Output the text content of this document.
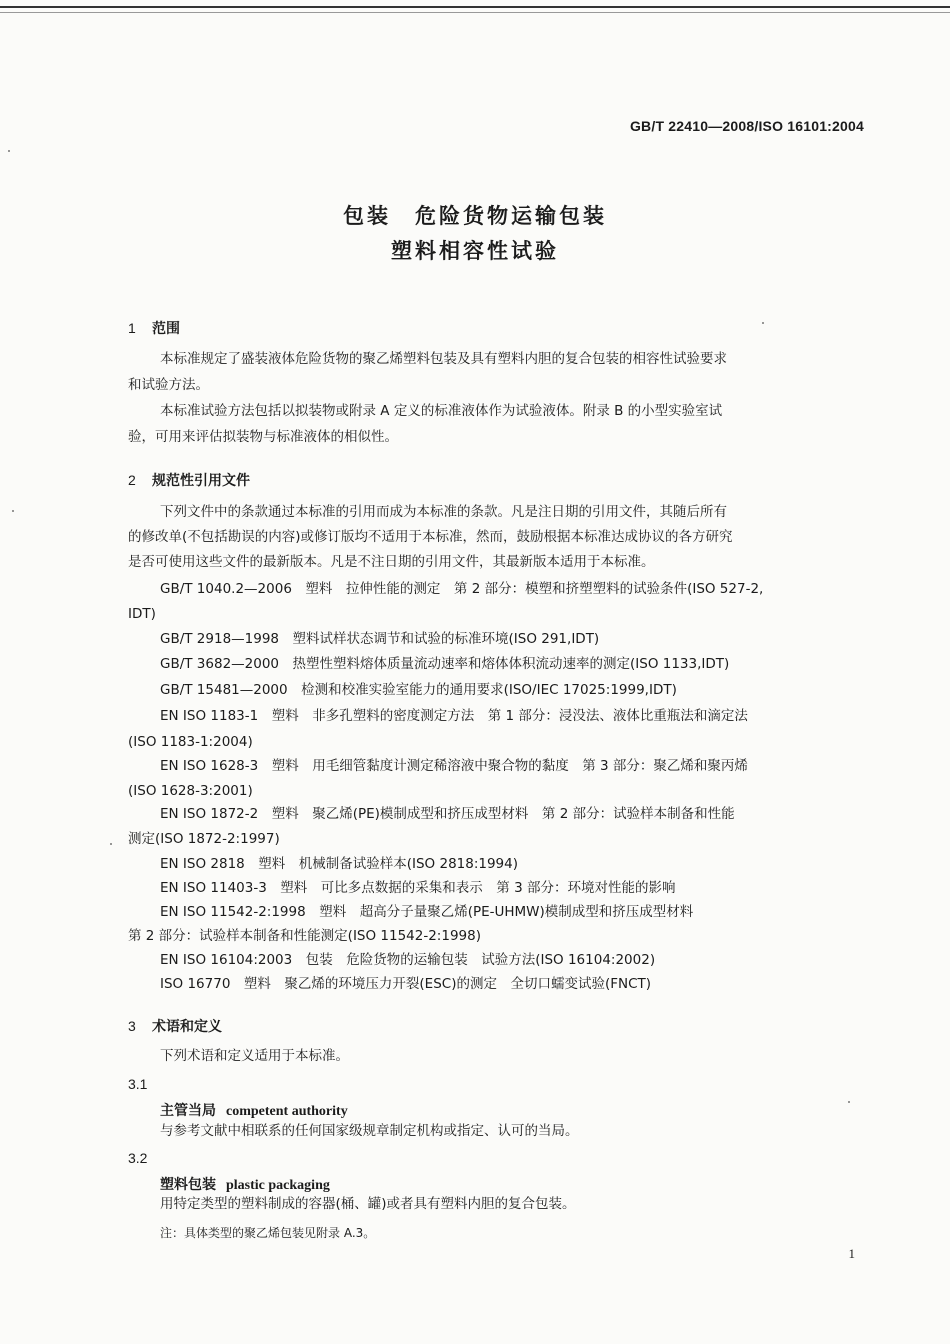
GB/T 22410—2008/ISO 16101:2004
包装　危险货物运输包装
塑料相容性试验
1 范围
本标准规定了盛装液体危险货物的聚乙烯塑料包装及具有塑料内胆的复合包装的相容性试验要求
和试验方法。
本标准试验方法包括以拟装物或附录 A 定义的标准液体作为试验液体。附录 B 的小型实验室试
验，可用来评估拟装物与标准液体的相似性。
2 规范性引用文件
下列文件中的条款通过本标准的引用而成为本标准的条款。凡是注日期的引用文件，其随后所有
的修改单(不包括勘误的内容)或修订版均不适用于本标准，然而，鼓励根据本标准达成协议的各方研究
是否可使用这些文件的最新版本。凡是不注日期的引用文件，其最新版本适用于本标准。
GB/T 1040.2—2006　塑料　拉伸性能的测定　第 2 部分：模塑和挤塑塑料的试验条件(ISO 527-2,
IDT)
GB/T 2918—1998　塑料试样状态调节和试验的标准环境(ISO 291,IDT)
GB/T 3682—2000　热塑性塑料熔体质量流动速率和熔体体积流动速率的测定(ISO 1133,IDT)
GB/T 15481—2000　检测和校准实验室能力的通用要求(ISO/IEC 17025:1999,IDT)
EN ISO 1183-1　塑料　非多孔塑料的密度测定方法　第 1 部分：浸没法、液体比重瓶法和滴定法
(ISO 1183-1:2004)
EN ISO 1628-3　塑料　用毛细管黏度计测定稀溶液中聚合物的黏度　第 3 部分：聚乙烯和聚丙烯
(ISO 1628-3:2001)
EN ISO 1872-2　塑料　聚乙烯(PE)模制成型和挤压成型材料　第 2 部分：试验样本制备和性能
测定(ISO 1872-2:1997)
EN ISO 2818　塑料　机械制备试验样本(ISO 2818:1994)
EN ISO 11403-3　塑料　可比多点数据的采集和表示　第 3 部分：环境对性能的影响
EN ISO 11542-2:1998　塑料　超高分子量聚乙烯(PE-UHMW)模制成型和挤压成型材料
第 2 部分：试验样本制备和性能测定(ISO 11542-2:1998)
EN ISO 16104:2003　包装　危险货物的运输包装　试验方法(ISO 16104:2002)
ISO 16770　塑料　聚乙烯的环境压力开裂(ESC)的测定　全切口蠕变试验(FNCT)
3 术语和定义
下列术语和定义适用于本标准。
3.1
主管当局 competent authority
与参考文献中相联系的任何国家级规章制定机构或指定、认可的当局。
3.2
塑料包装 plastic packaging
用特定类型的塑料制成的容器(桶、罐)或者具有塑料内胆的复合包装。
注：具体类型的聚乙烯包装见附录 A.3。
1
